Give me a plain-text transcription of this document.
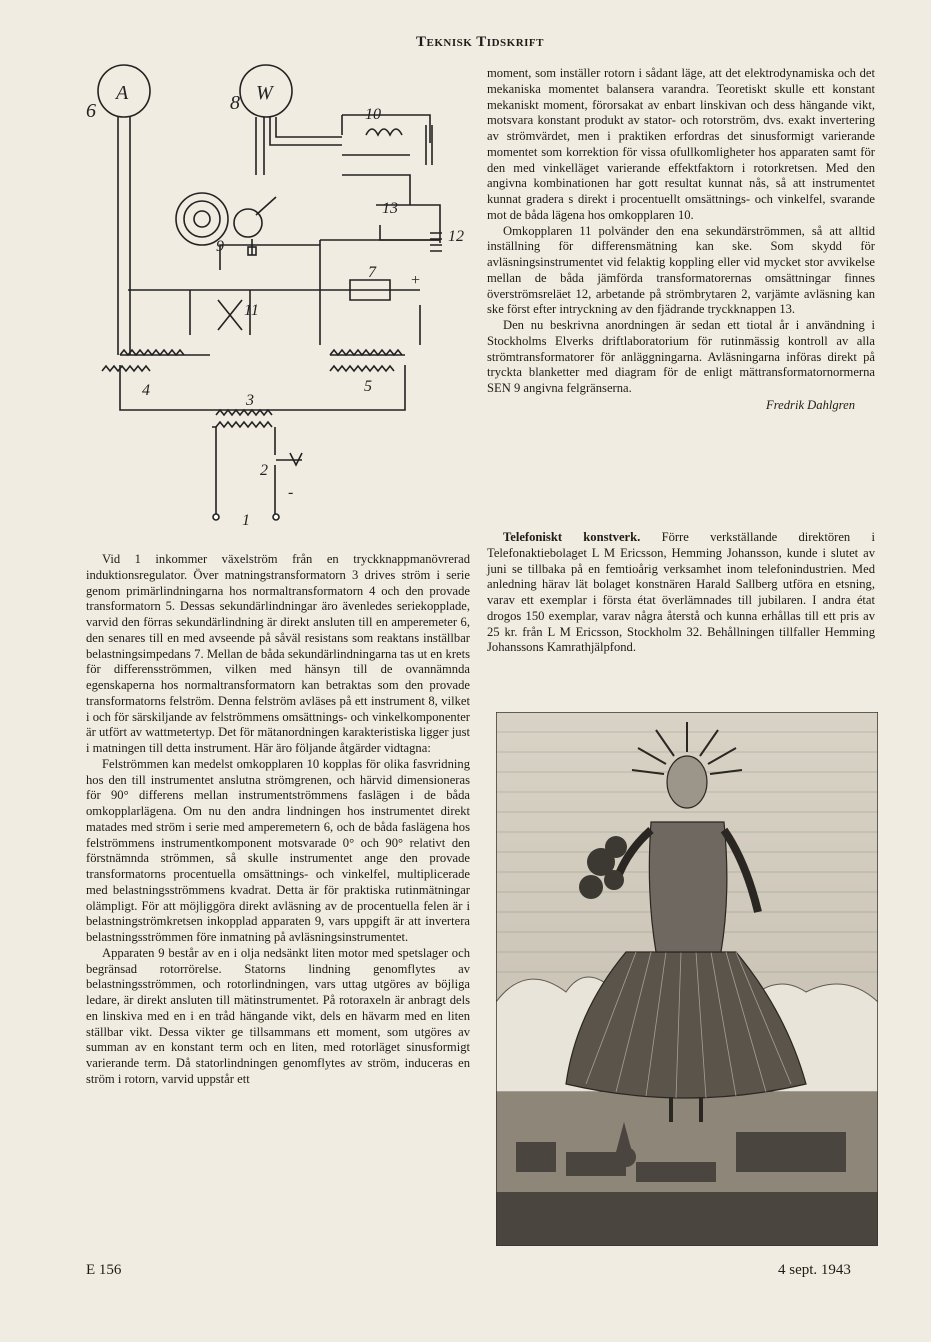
Teknisk Tidskrift
A	W
6	8
10
13
12
9
7 +
11
4
3
5
2
-
1

moment, som inställer rotorn i sådant läge, att det elektrodynamiska och det mekaniska momentet balansera varandra. Teoretiskt skulle ett konstant mekaniskt moment, förorsakat av enbart linskivan och dess hängande vikt, motsvara konstant produkt av stator- och rotorström, dvs. exakt invertering av strömvärdet, men i praktiken erfordras det sinusformigt varierande momentet som korrektion för vissa ofullkomligheter hos apparaten samt för den med vinkelläget varierande effektfaktorn i rotorkretsen. Med den angivna kombinationen har gott resultat kunnat nås, så att instrumentet kunnat gradera s direkt i procentuellt omsättnings- och vinkelfel, svarande mot de båda lägena hos omkopplaren 10.

Omkopplaren 11 polvänder den ena sekundärströmmen, så att alltid inställning för differensmätning kan ske. Som skydd för avläsningsinstrumentet vid felaktig koppling eller vid mycket stor avvikelse mellan de båda jämförda transformatorernas omsättningar finnes överströmsreläet 12, arbetande på strömbrytaren 2, varjämte avläsning kan ske först efter intryckning av den fjädrande tryckknappen 13.

Den nu beskrivna anordningen är sedan ett tiotal år i användning i Stockholms Elverks driftlaboratorium för rutinmässig kontroll av alla strömtransformatorer för anläggningarna. Avläsningarna införas direkt på tryckta blanketter med diagram för de enligt mättransformatornormerna SEN 9 angivna felgränserna.

Fredrik Dahlgren

Telefoniskt konstverk. Förre verkställande direktören i Telefonaktiebolaget L M Ericsson, Hemming Johansson, kunde i slutet av juni se tillbaka på en femtioårig verksamhet inom telefonindustrien. Med anledning härav lät bolaget konstnären Harald Sallberg utföra en etsning, varav ett exemplar i första état överlämnades till jubilaren. I andra état drogos 150 exemplar, varav några återstå och kunna erhållas till ett pris av 25 kr. från L M Ericsson, Stockholm 32. Behållningen tillfaller Hemming Johanssons Kamrathjälpfond.

Vid 1 inkommer växelström från en tryckknappmanövrerad induktionsregulator. Över matningstransformatorn 3 drives ström i serie genom primärlindningarna hos normaltransformatorn 4 och den provade transformatorn 5. Dessas sekundärlindningar äro ävenledes seriekopplade, varvid den förras sekundärlindning är direkt ansluten till en amperemeter 6, den senares till en med avseende på såväl resistans som reaktans inställbar belastningsimpedans 7. Mellan de båda sekundärlindningarna tas ut en krets för differensströmmen, vilken med hänsyn till de ovannämnda egenskaperna hos normaltransformatorn kan betraktas som den provade transformatorns felström. Denna felström avläses på ett instrument 8, vilket i och för särskiljande av felströmmens omsättnings- och vinkelkomponenter är utfört av wattmetertyp. Det för mätanordningen karakteristiska ligger just i matningen till detta instrument. Här äro följande åtgärder vidtagna:

Felströmmen kan medelst omkopplaren 10 kopplas för olika fasvridning hos den till instrumentet anslutna strömgrenen, och härvid dimensioneras för 90° differens mellan instrumentströmmens faslägen i de båda omkopplarlägena. Om nu den andra lindningen hos instrumentet direkt matades med ström i serie med amperemetern 6, och de båda faslägena hos felströmmens instrumentkomponent motsvarade 0° och 90° relativt den förstnämnda strömmen, så skulle instrumentet ange den provade transformatorns procentuella omsättnings- och vinkelfel, multiplicerade med belastningsströmmens kvadrat. Detta är för praktiska rutinmätningar olämpligt. För att möjliggöra direkt avläsning av de procentuella felen är i belastningströmkretsen inkopplad apparaten 9, vars uppgift är att invertera belastningsströmmen före inmatning på avläsningsinstrumentet.

Apparaten 9 består av en i olja nedsänkt liten motor med spetslager och begränsad rotorrörelse. Statorns lindning genomflytes av belastningsströmmen, och rotorlindningen, vars uttag utgöres av böjliga ledare, är direkt ansluten till mätinstrumentet. På rotoraxeln är anbragt dels en linskiva med en i en tråd hängande vikt, dels en hävarm med en liten ställbar vikt. Dessa vikter ge tillsammans ett moment, som utgöres av summan av en konstant term och en liten, med rotorläget sinusformigt varierande term. Då statorlindningen genomflytes av ström, induceras en ström i rotorn, varvid uppstår ett

E 156	4 sept. 1943
